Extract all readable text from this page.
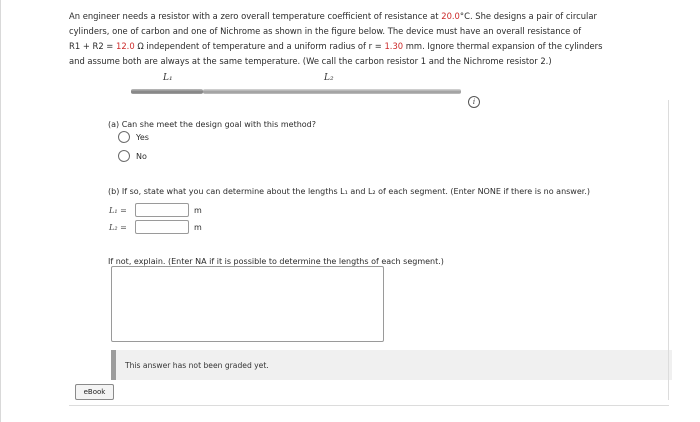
An engineer needs a resistor with a zero overall temperature coefficient of resistance at 20.0°C. She designs a pair of circular
cylinders, one of carbon and one of Nichrome as shown in the figure below. The device must have an overall resistance of
R1 + R2 = 12.0 Ω independent of temperature and a uniform radius of r = 1.30 mm. Ignore thermal expansion of the cylinders
and assume both are always at the same temperature. (We call the carbon resistor 1 and the Nichrome resistor 2.)
L₁	L₂
i
(a) Can she meet the design goal with this method?
Yes
No
(b) If so, state what you can determine about the lengths L₁ and L₂ of each segment. (Enter NONE if there is no answer.)
L₁ =	m
L₂ =	m
If not, explain. (Enter NA if it is possible to determine the lengths of each segment.)
This answer has not been graded yet.
eBook
